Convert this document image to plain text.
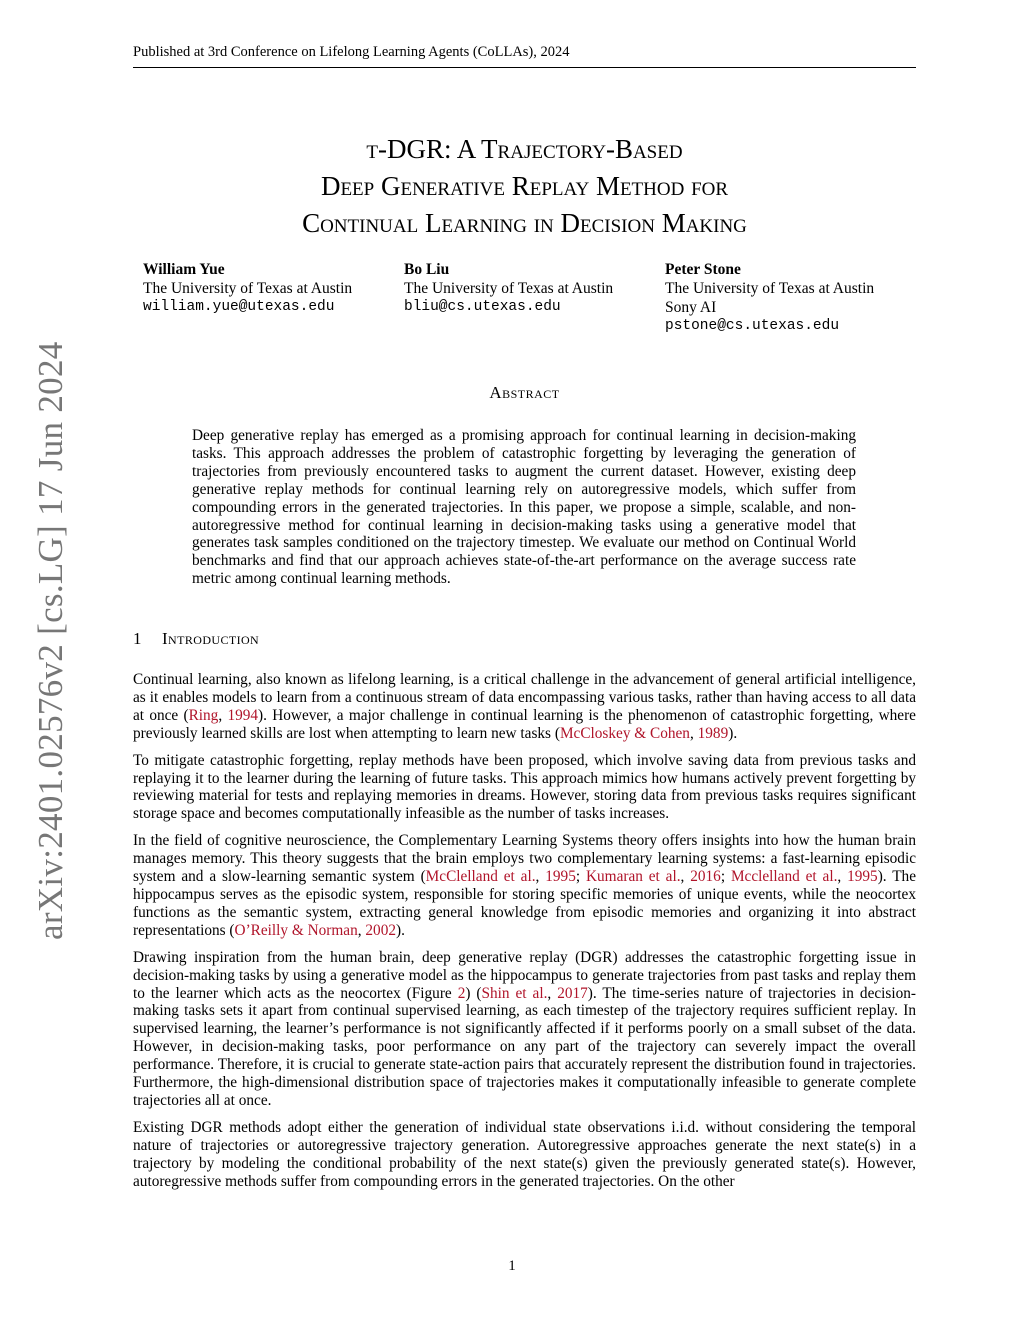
Published at 3rd Conference on Lifelong Learning Agents (CoLLAs), 2024
arXiv:2401.02576v2 [cs.LG] 17 Jun 2024
t-DGR: A Trajectory-Based
Deep Generative Replay Method for
Continual Learning in Decision Making
William Yue
The University of Texas at Austin
william.yue@utexas.edu
Bo Liu
The University of Texas at Austin
bliu@cs.utexas.edu
Peter Stone
The University of Texas at Austin
Sony AI
pstone@cs.utexas.edu
Abstract
Deep generative replay has emerged as a promising approach for continual learning in decision-making tasks. This approach addresses the problem of catastrophic forgetting by leveraging the generation of trajectories from previously encountered tasks to augment the current dataset. However, existing deep generative replay methods for continual learning rely on autoregressive models, which suffer from compounding errors in the generated trajectories. In this paper, we propose a simple, scalable, and non-autoregressive method for continual learning in decision-making tasks using a generative model that generates task samples conditioned on the trajectory timestep. We evaluate our method on Continual World benchmarks and find that our approach achieves state-of-the-art performance on the average success rate metric among continual learning methods.
1 Introduction

Continual learning, also known as lifelong learning, is a critical challenge in the advancement of general artificial intelligence, as it enables models to learn from a continuous stream of data encompassing various tasks, rather than having access to all data at once (Ring, 1994). However, a major challenge in continual learning is the phenomenon of catastrophic forgetting, where previously learned skills are lost when attempting to learn new tasks (McCloskey & Cohen, 1989).

To mitigate catastrophic forgetting, replay methods have been proposed, which involve saving data from previous tasks and replaying it to the learner during the learning of future tasks. This approach mimics how humans actively prevent forgetting by reviewing material for tests and replaying memories in dreams. However, storing data from previous tasks requires significant storage space and becomes computationally infeasible as the number of tasks increases.

In the field of cognitive neuroscience, the Complementary Learning Systems theory offers insights into how the human brain manages memory. This theory suggests that the brain employs two complementary learning systems: a fast-learning episodic system and a slow-learning semantic system (McClelland et al., 1995; Kumaran et al., 2016; Mcclelland et al., 1995). The hippocampus serves as the episodic system, responsible for storing specific memories of unique events, while the neocortex functions as the semantic system, extracting general knowledge from episodic memories and organizing it into abstract representations (O’Reilly & Norman, 2002).

Drawing inspiration from the human brain, deep generative replay (DGR) addresses the catastrophic forgetting issue in decision-making tasks by using a generative model as the hippocampus to generate trajectories from past tasks and replay them to the learner which acts as the neocortex (Figure 2) (Shin et al., 2017). The time-series nature of trajectories in decision-making tasks sets it apart from continual supervised learning, as each timestep of the trajectory requires sufficient replay. In supervised learning, the learner’s performance is not significantly affected if it performs poorly on a small subset of the data. However, in decision-making tasks, poor performance on any part of the trajectory can severely impact the overall performance. Therefore, it is crucial to generate state-action pairs that accurately represent the distribution found in trajectories. Furthermore, the high-dimensional distribution space of trajectories makes it computationally infeasible to generate complete trajectories all at once.

Existing DGR methods adopt either the generation of individual state observations i.i.d. without considering the temporal nature of trajectories or autoregressive trajectory generation. Autoregressive approaches generate the next state(s) in a trajectory by modeling the conditional probability of the next state(s) given the previously generated state(s). However, autoregressive methods suffer from compounding errors in the generated trajectories. On the other

1
